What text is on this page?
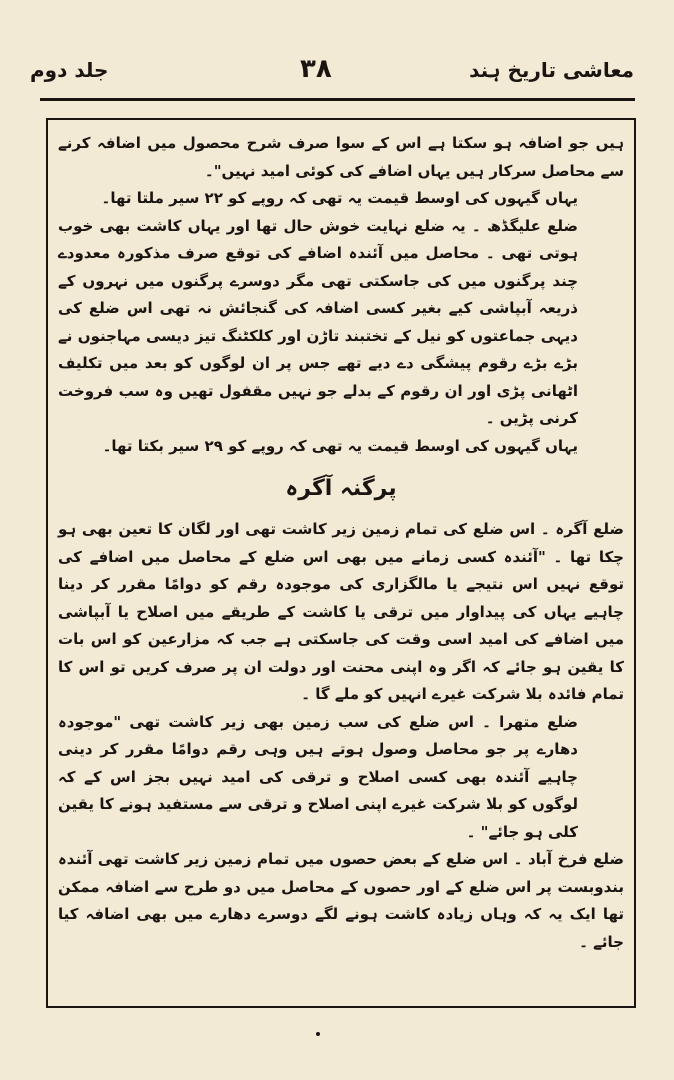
معاشی تاریخ ہند
۳۸
جلد دوم

ہیں جو اضافہ ہو سکتا ہے اس کے سوا صرف شرح محصول میں اضافہ کرنے سے محاصل سرکار ہیں یہاں اضافے کی کوئی امید نہیں"۔

یہاں گیہوں کی اوسط قیمت یہ تھی کہ روپے کو ۲۲ سیر ملتا تھا۔

ضلع علیگڈھ ۔ یہ ضلع نہایت خوش حال تھا اور یہاں کاشت بھی خوب ہوتی تھی ۔ محاصل میں آئندہ اضافے کی توقع صرف مذکورہ معدودے چند پرگنوں میں کی جاسکتی تھی مگر دوسرے پرگنوں میں نہروں کے ذریعہ آبپاشی کیے بغیر کسی اضافہ کی گنجائش نہ تھی اس ضلع کی دیہی جماعتوں کو نیل کے تختبند تاڑن اور کلکٹنگ تیز دیسی مہاجنوں نے بڑے بڑے رقوم پیشگی دے دیے تھے جس پر ان لوگوں کو بعد میں تکلیف اٹھانی پڑی اور ان رقوم کے بدلے جو نہیں مقفول تھیں وہ سب فروخت کرنی پڑیں ۔

یہاں گیہوں کی اوسط قیمت یہ تھی کہ روپے کو ۲۹ سیر بکتا تھا۔

پرگنہ آگرہ

ضلع آگرہ ۔ اس ضلع کی تمام زمین زیر کاشت تھی اور لگان کا تعین بھی ہو چکا تھا ۔ "آئندہ کسی زمانے میں بھی اس ضلع کے محاصل میں اضافے کی توقع نہیں اس نتیجے یا مالگزاری کی موجودہ رقم کو دوامًا مقرر کر دینا چاہیے یہاں کی پیداوار میں ترقی یا کاشت کے طریقے میں اصلاح یا آبپاشی میں اضافے کی امید اسی وقت کی جاسکتی ہے جب کہ مزارعین کو اس بات کا یقین ہو جائے کہ اگر وہ اپنی محنت اور دولت ان پر صرف کریں تو اس کا تمام فائدہ بلا شرکت غیرے انہیں کو ملے گا ۔

ضلع متھرا ۔ اس ضلع کی سب زمین بھی زیر کاشت تھی "موجودہ دھارے پر جو محاصل وصول ہوتے ہیں وہی رقم دوامًا مقرر کر دینی چاہیے آئندہ بھی کسی اصلاح و ترقی کی امید نہیں بجز اس کے کہ لوگوں کو بلا شرکت غیرے اپنی اصلاح و ترقی سے مستفید ہونے کا یقین کلی ہو جائے" ۔

ضلع فرخ آباد ۔ اس ضلع کے بعض حصوں میں تمام زمین زیر کاشت تھی آئندہ بندوبست پر اس ضلع کے اور حصوں کے محاصل میں دو طرح سے اضافہ ممکن تھا ایک یہ کہ وہاں زیادہ کاشت ہونے لگے دوسرے دھارے میں بھی اضافہ کیا جائے ۔
